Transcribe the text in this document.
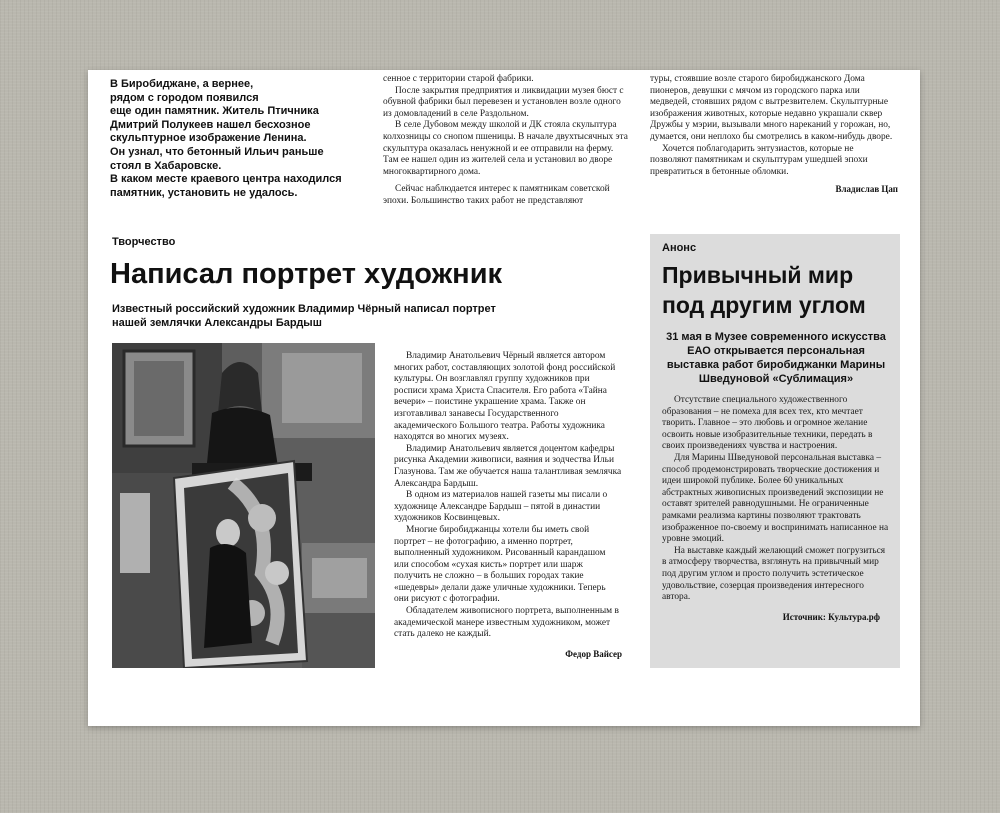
В Биробиджане, а вернее,

рядом с городом появился

еще один памятник. Житель Птичника

Дмитрий Полукеев нашел бесхозное

скульптурное изображение Ленина.

Он узнал, что бетонный Ильич раньше

стоял в Хабаровске.

В каком месте краевого центра находился

памятник, установить не удалось.

сенное с территории старой фабрики.

После закрытия предприятия и ликвидации музея бюст с обувной фабрики был перевезен и установлен возле одного из домовладений в селе Раздольном.

В селе Дубовом между школой и ДК стояла скульптура колхозницы со снопом пшеницы. В начале двухтысячных эта скульптура оказалась ненужной и ее отправили на ферму. Там ее нашел один из жителей села и установил во дворе многоквартирного дома.

Сейчас наблюдается интерес к памятникам советской эпохи. Большинство таких работ не представляют

туры, стоявшие возле старого биробиджанского Дома пионеров, девушки с мячом из городского парка или медведей, стоявших рядом с вытрезвителем. Скульптурные изображения животных, которые недавно украшали сквер Дружбы у мэрии, вызывали много нареканий у горожан, но, думается, они неплохо бы смотрелись в каком-нибудь дворе.

Хочется поблагодарить энтузиастов, которые не позволяют памятникам и скульптурам ушедшей эпохи превратиться в бетонные обломки.

Владислав Цап
Творчество
Написал портрет художник
Известный российский художник Владимир Чёрный написал портрет нашей землячки Александры Бардыш

Владимир Анатольевич Чёрный является автором многих работ, составляющих золотой фонд российской культуры. Он возглавлял группу художников при росписи храма Христа Спасителя. Его работа «Тайна вечери» – поистине украшение храма. Также он изготавливал занавесы Государственного академического Большого театра. Работы художника находятся во многих музеях.

Владимир Анатольевич является доцентом кафедры рисунка Академии живописи, ваяния и зодчества Ильи Глазунова. Там же обучается наша талантливая землячка Александра Бардыш.

В одном из материалов нашей газеты мы писали о художнице Александре Бардыш – пятой в династии художников Косвинцевых.

Многие биробиджанцы хотели бы иметь свой портрет – не фотографию, а именно портрет, выполненный художником. Рисованный карандашом или способом «сухая кисть» портрет или шарж получить не сложно – в больших городах такие «шедевры» делали даже уличные художники. Теперь они рисуют с фотографии.

Обладателем живописного портрета, выполненным в академической манере известным художником, может стать далеко не каждый.

Федор Вайсер
Анонс
Привычный мир под другим углом
31 мая в Музее современного искусства ЕАО открывается персональная выставка работ биробиджанки Марины Шведуновой «Сублимация»

Отсутствие специального художественного образования – не помеха для всех тех, кто мечтает творить. Главное – это любовь и огромное желание освоить новые изобразительные техники, передать в своих произведениях чувства и настроения.

Для Марины Шведуновой персональная выставка – способ продемонстрировать творческие достижения и идеи широкой публике. Более 60 уникальных абстрактных живописных произведений экспозиции не оставят зрителей равнодушными. Не ограниченные рамками реализма картины позволяют трактовать изображенное по-своему и воспринимать написанное на уровне эмоций.

На выставке каждый желающий сможет погрузиться в атмосферу творчества, взглянуть на привычный мир под другим углом и просто получить эстетическое удовольствие, созерцая произведения интересного автора.

Источник: Культура.рф
